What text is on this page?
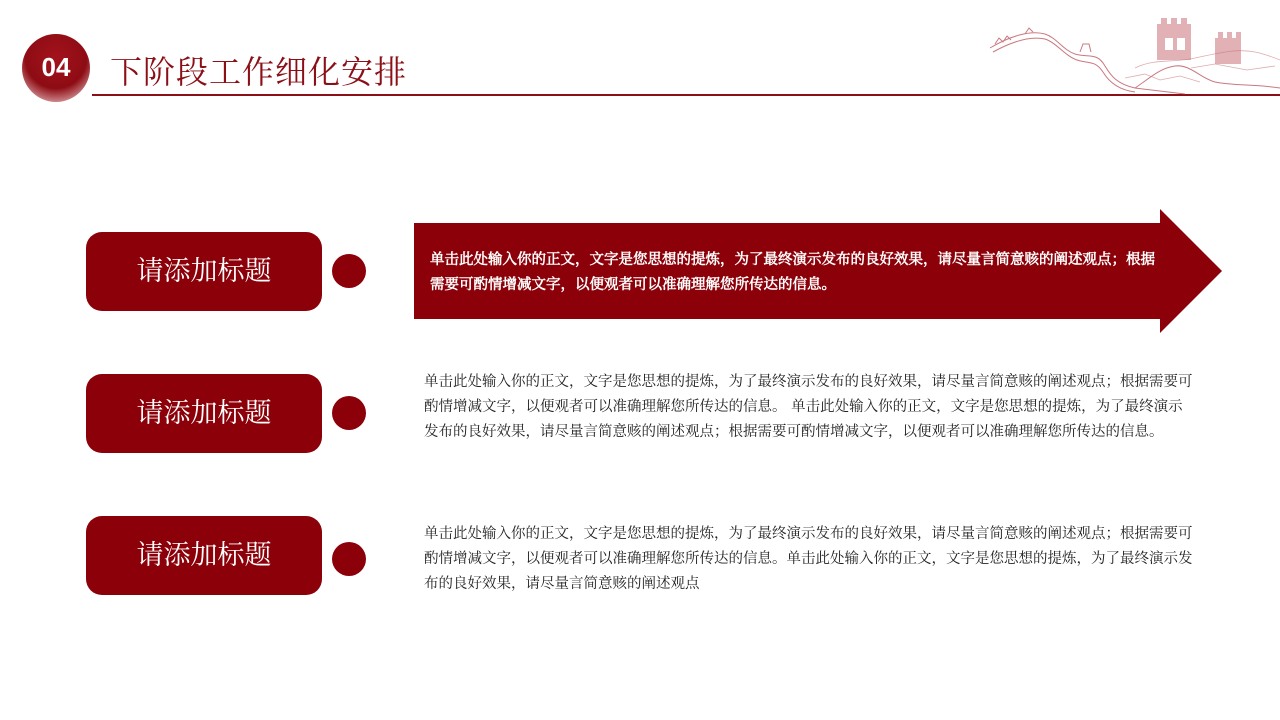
04	下阶段工作细化安排
请添加标题	单击此处输入你的正文，文字是您思想的提炼，为了最终演示发布的良好效果，请尽量言简意赅的阐述观点；根据需要可酌情增减文字，以便观者可以准确理解您所传达的信息。
请添加标题
单击此处输入你的正文，文字是您思想的提炼，为了最终演示发布的良好效果，请尽量言简意赅的阐述观点；根据需要可酌情增减文字，以便观者可以准确理解您所传达的信息。 单击此处输入你的正文，文字是您思想的提炼，为了最终演示发布的良好效果，请尽量言简意赅的阐述观点；根据需要可酌情增减文字，以便观者可以准确理解您所传达的信息。
请添加标题
单击此处输入你的正文，文字是您思想的提炼，为了最终演示发布的良好效果，请尽量言简意赅的阐述观点；根据需要可酌情增减文字，以便观者可以准确理解您所传达的信息。单击此处输入你的正文，文字是您思想的提炼，为了最终演示发布的良好效果，请尽量言简意赅的阐述观点
